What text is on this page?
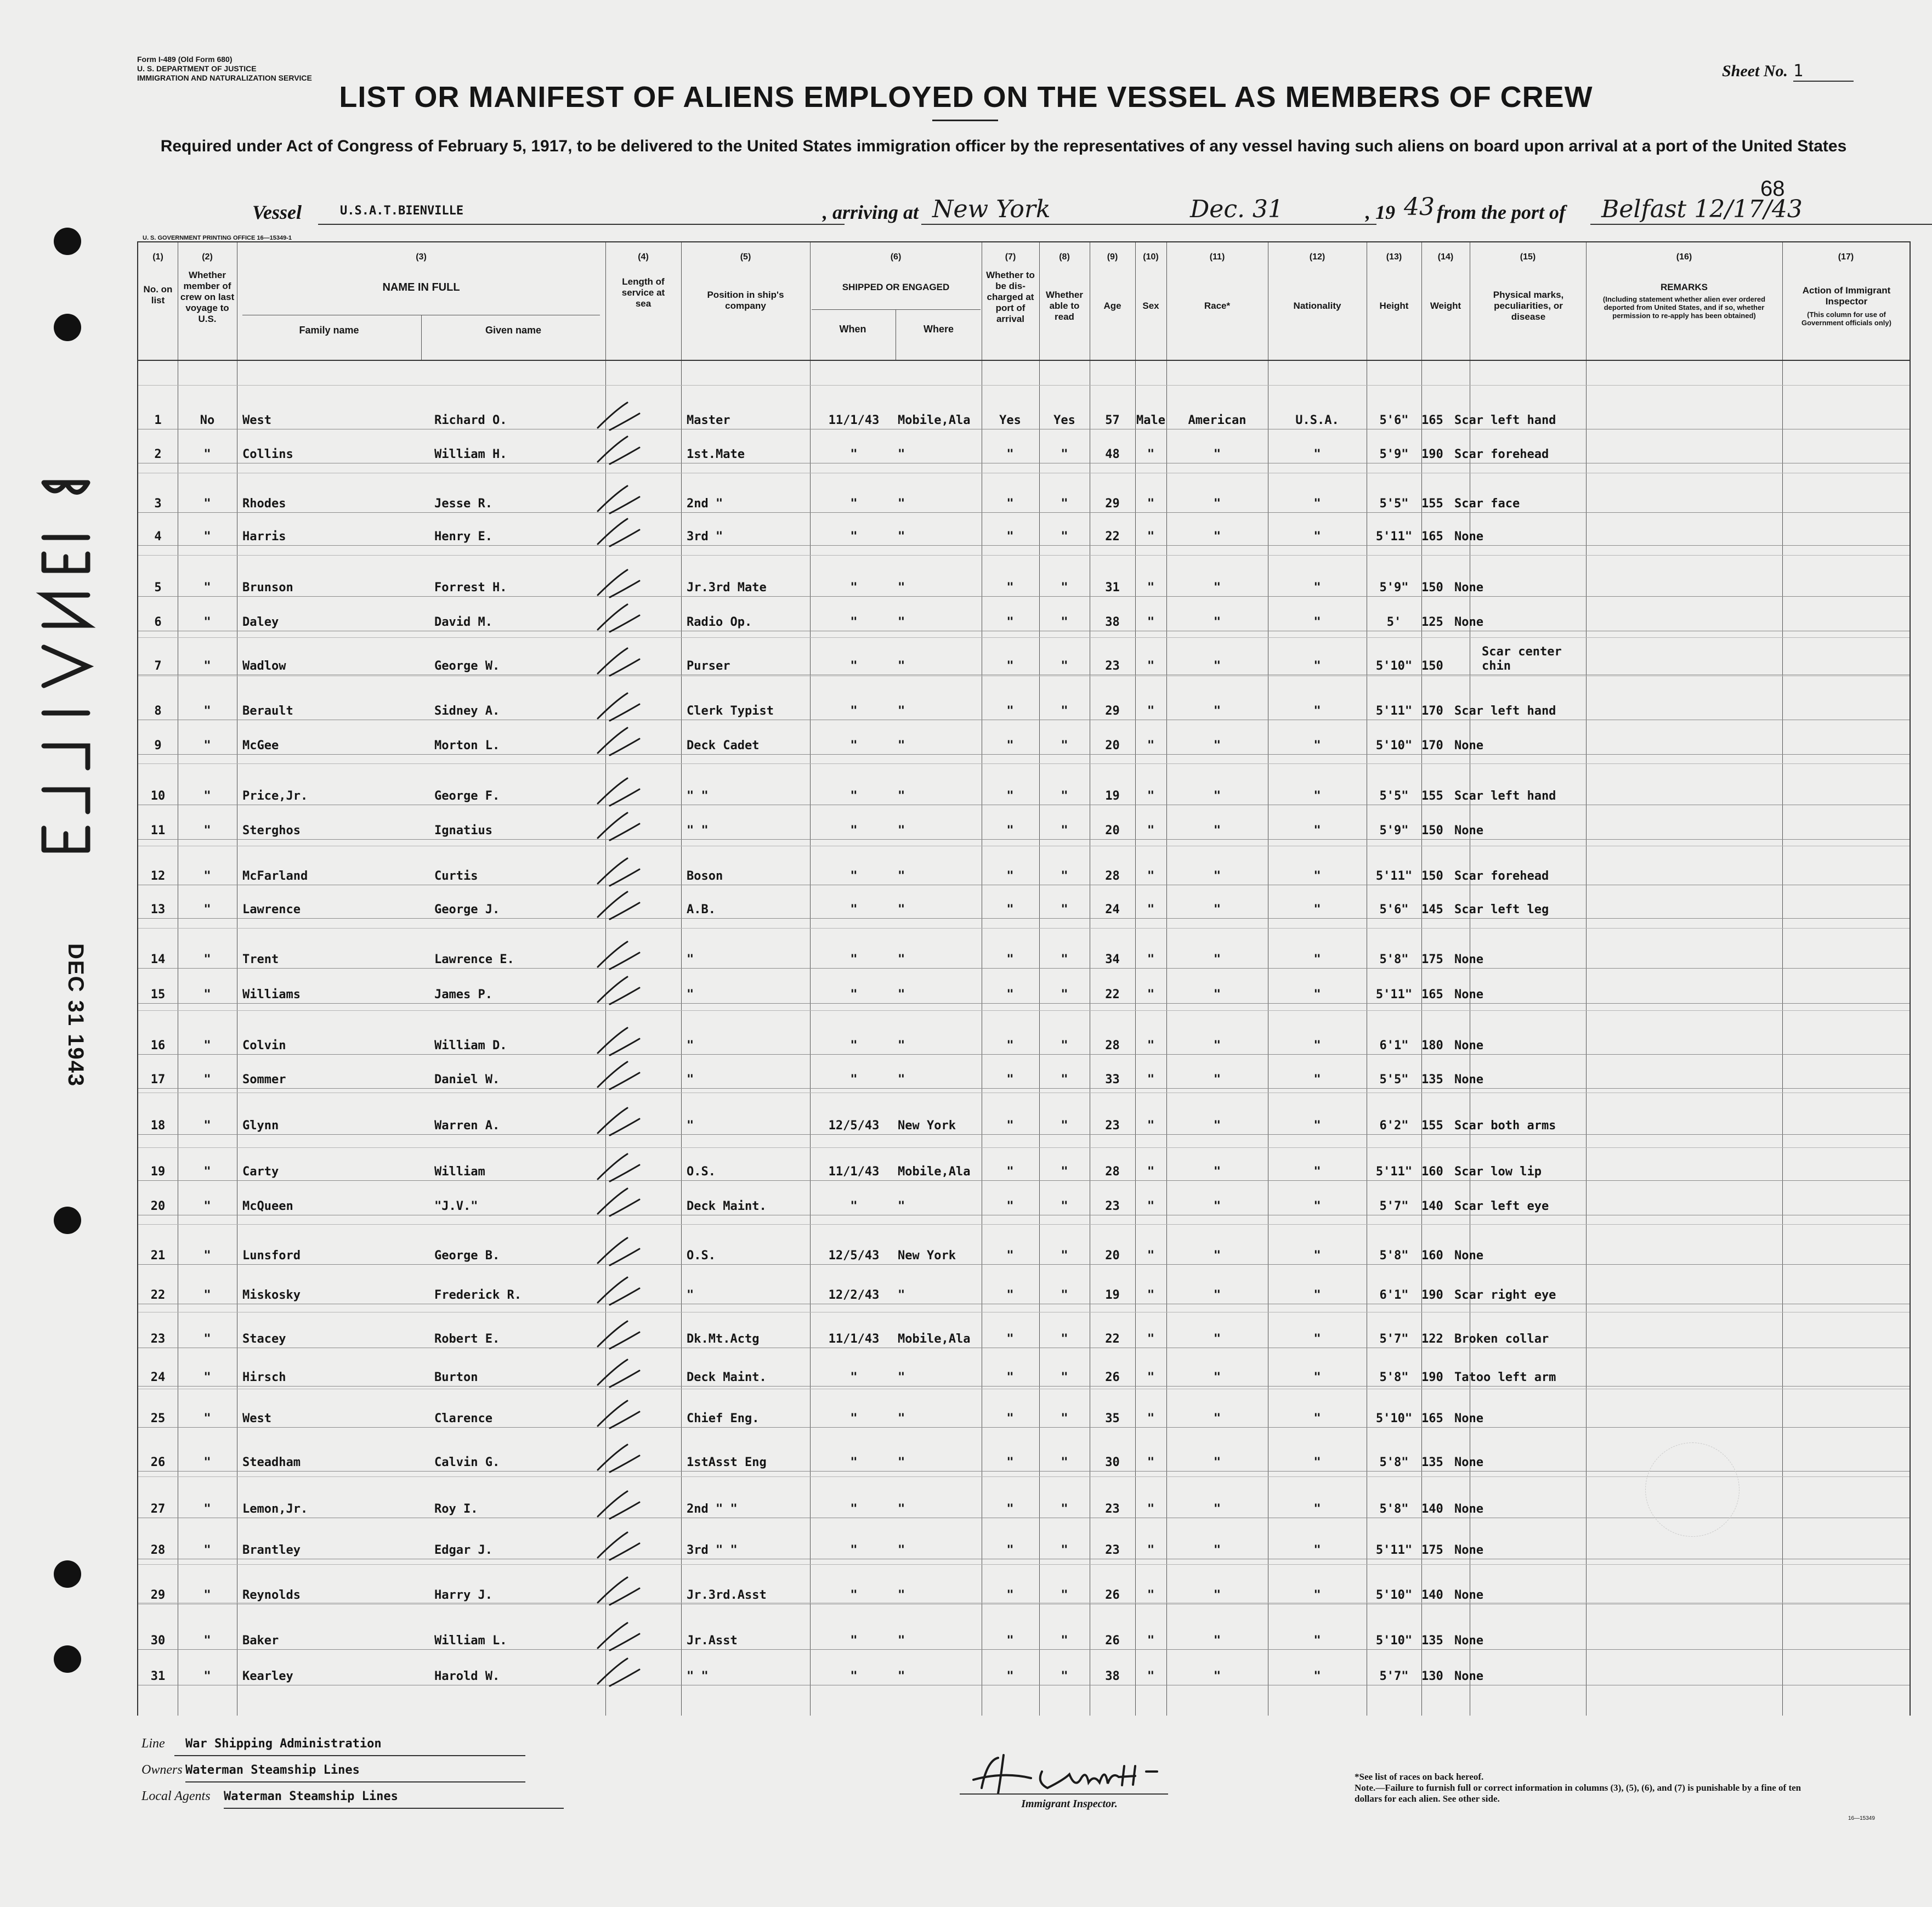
Form I-489 (Old Form 680)
U. S. DEPARTMENT OF JUSTICE
IMMIGRATION AND NATURALIZATION SERVICE	Sheet No. 1
LIST OR MANIFEST OF ALIENS EMPLOYED ON THE VESSEL AS MEMBERS OF CREW
Required under Act of Congress of February 5, 1917, to be delivered to the United States immigration officer by the representatives of any vessel having such aliens on board upon arrival at a port of the United States
68
Vessel	U.S.A.T.BIENVILLE	, arriving at New York	Dec. 31	, 19 43 from the port of	Belfast 12/17/43
U. S. GOVERNMENT PRINTING OFFICE 16—15349-1
BIENVILLE
DEC 31 1943
(1)	(2)	(3)	(4)	(5)	(6)	(7)	(8)	(9)	(10)	(11)	(12)	(13)	(14)	(15)	(16)	(17)
No. on list
Whether member of crew on last voyage to U.S.
NAME IN FULL
Family name	Given name
Length of service at sea
Position in ship's company
SHIPPED OR ENGAGED
When	Where
Whether to be dis-charged at port of arrival
Whether able to read
Age	Sex	Race*	Nationality	Height	Weight
Physical marks, peculiarities, or disease
REMARKS
(Including statement whether alien ever ordered deported from United States, and if so, whether permission to re-apply has been obtained)
Action of Immigrant Inspector
(This column for use of Government officials only)
1	No	West	Richard O.	Master	11/1/43	Mobile,Ala	Yes	Yes	57	Male	American	U.S.A.	5'6"	165 Scar left hand
2	"	Collins	William H.	1st.Mate	"	"	"	"	48	"	"	"	5'9"	190 Scar forehead
3	"	Rhodes	Jesse R.	2nd "	"	"	"	"	29	"	"	"	5'5"	155 Scar face
4	"	Harris	Henry E.	3rd "	"	"	"	"	22	"	"	"	5'11" 165 None
5	"	Brunson	Forrest H.	Jr.3rd Mate	"	"	"	"	31	"	"	"	5'9"	150 None
6	"	Daley	David M.	Radio Op.	"	"	"	"	38	"	"	"	5'	125 None
7	"	Wadlow	George W.	Purser	"	"	"	"	23	"	"	"	5'10" 150
Scar center chin
8	"	Berault	Sidney A.	Clerk Typist	"	"	"	"	29	"	"	"	5'11" 170 Scar left hand
9	"	McGee	Morton L.	Deck Cadet	"	"	"	"	20	"	"	"	5'10" 170 None
10	"	Price,Jr.	George F.	" "	"	"	"	"	19	"	"	"	5'5"	155 Scar left hand
11	"	Sterghos	Ignatius	" "	"	"	"	"	20	"	"	"	5'9"	150 None
12	"	McFarland	Curtis	Boson	"	"	"	"	28	"	"	"	5'11" 150 Scar forehead
13	"	Lawrence	George J.	A.B.	"	"	"	"	24	"	"	"	5'6"	145 Scar left leg
14	"	Trent	Lawrence E.	"	"	"	"	"	34	"	"	"	5'8"	175 None
15	"	Williams	James P.	"	"	"	"	"	22	"	"	"	5'11" 165 None
16	"	Colvin	William D.	"	"	"	"	"	28	"	"	"	6'1"	180 None
17	"	Sommer	Daniel W.	"	"	"	"	"	33	"	"	"	5'5"	135 None
18	"	Glynn	Warren A.	"	12/5/43	New York	"	"	23	"	"	"	6'2"	155 Scar both arms
19	"	Carty	William	O.S.	11/1/43	Mobile,Ala	"	"	28	"	"	"	5'11" 160 Scar low lip
20	"	McQueen	"J.V."	Deck Maint.	"	"	"	"	23	"	"	"	5'7"	140 Scar left eye
21	"	Lunsford	George B.	O.S.	12/5/43	New York	"	"	20	"	"	"	5'8"	160 None
22	"	Miskosky	Frederick R.	"	12/2/43	"	"	"	19	"	"	"	6'1"	190 Scar right eye
23	"	Stacey	Robert E.	Dk.Mt.Actg	11/1/43	Mobile,Ala	"	"	22	"	"	"	5'7"	122 Broken collar
24	"	Hirsch	Burton	Deck Maint.	"	"	"	"	26	"	"	"	5'8"	190 Tatoo left arm
25	"	West	Clarence	Chief Eng.	"	"	"	"	35	"	"	"	5'10" 165 None
26	"	Steadham	Calvin G.	1stAsst Eng	"	"	"	"	30	"	"	"	5'8"	135 None
27	"	Lemon,Jr.	Roy I.	2nd " "	"	"	"	"	23	"	"	"	5'8"	140 None
28	"	Brantley	Edgar J.	3rd " "	"	"	"	"	23	"	"	"	5'11" 175 None
29	"	Reynolds	Harry J.	Jr.3rd.Asst	"	"	"	"	26	"	"	"	5'10" 140 None
30	"	Baker	William L.	Jr.Asst	"	"	"	"	26	"	"	"	5'10" 135 None
31	"	Kearley	Harold W.	" "	"	"	"	"	38	"	"	"	5'7"	130 None
Line	War Shipping Administration
Owners Waterman Steamship Lines
Local Agents Waterman Steamship Lines
H Smith
Immigrant Inspector.
*See list of races on back hereof.
Note.—Failure to furnish full or correct information in columns (3), (5), (6), and (7) is punishable by a fine of ten dollars for each alien. See other side.
16—15349
